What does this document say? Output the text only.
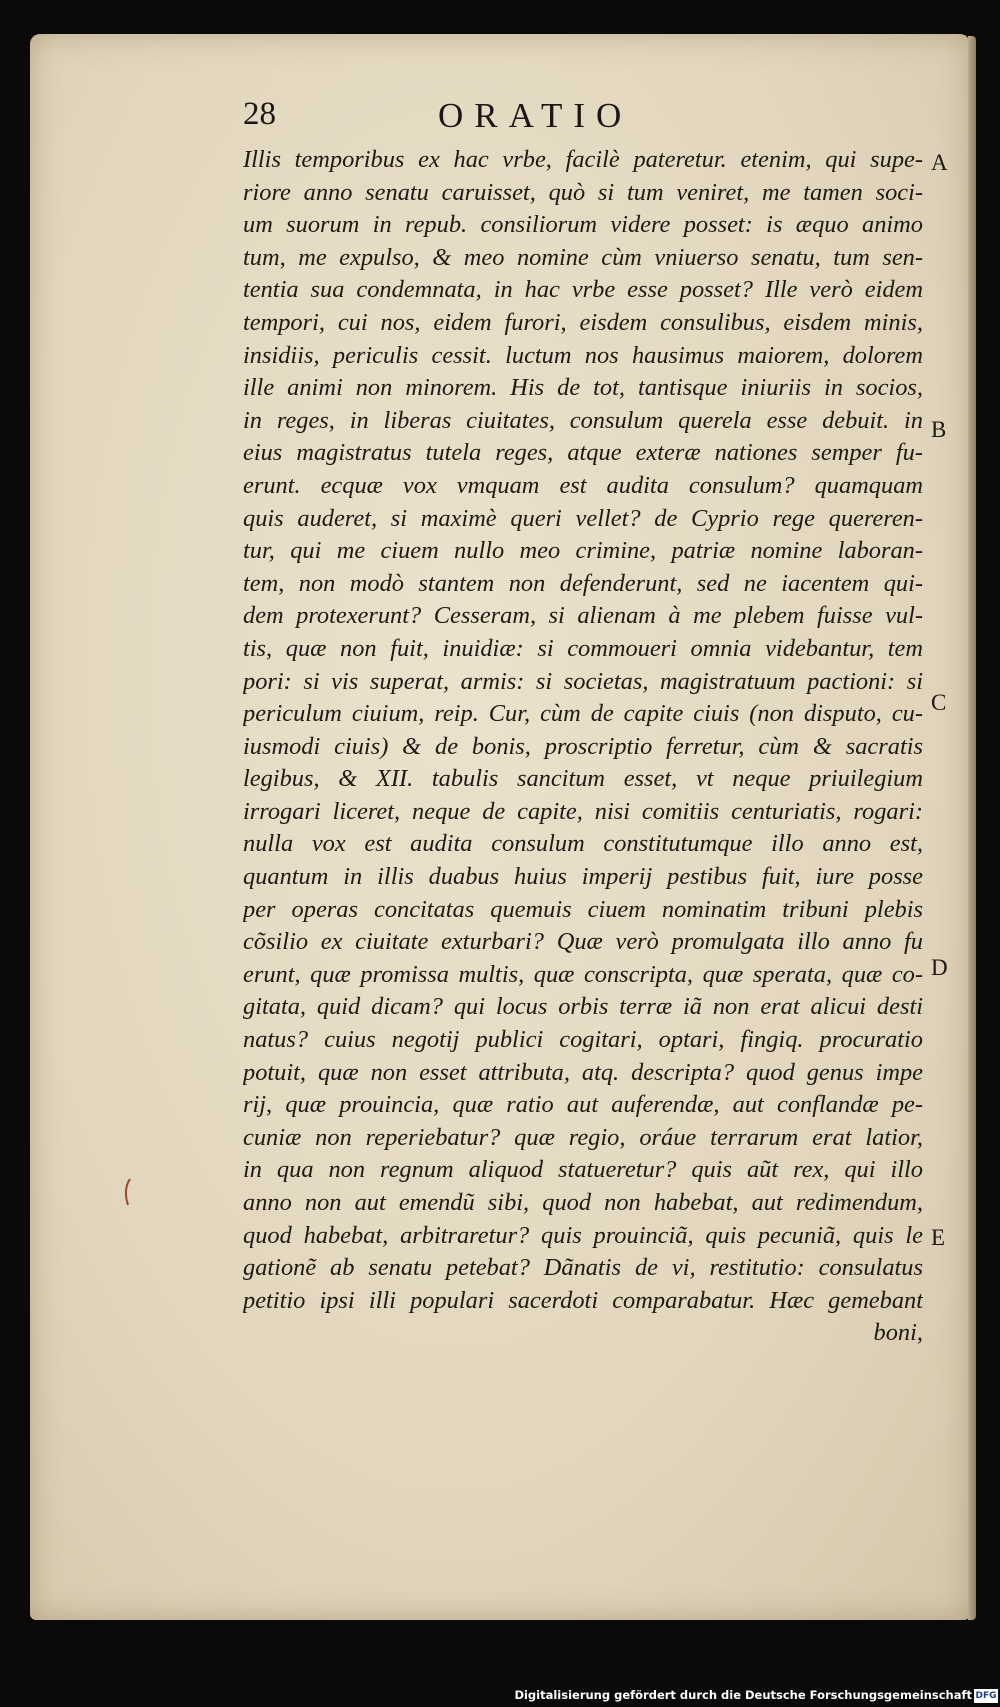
28	ORATIO
Illis temporibus ex hac vrbe, facilè pateretur. etenim, qui supe-
riore anno senatu caruisset, quò si tum veniret, me tamen soci-
um suorum in repub. consiliorum videre posset: is æquo animo
tum, me expulso, & meo nomine cùm vniuerso senatu, tum sen-
tentia sua condemnata, in hac vrbe esse posset? Ille verò eidem
tempori, cui nos, eidem furori, eisdem consulibus, eisdem minis,
insidiis, periculis cessit. luctum nos hausimus maiorem, dolorem
ille animi non minorem. His de tot, tantisque iniuriis in socios,
in reges, in liberas ciuitates, consulum querela esse debuit. in
eius magistratus tutela reges, atque exteræ nationes semper fu-
erunt. ecquæ vox vmquam est audita consulum? quamquam
quis auderet, si maximè queri vellet? de Cyprio rege quereren-
tur, qui me ciuem nullo meo crimine, patriæ nomine laboran-
tem, non modò stantem non defenderunt, sed ne iacentem qui-
dem protexerunt? Cesseram, si alienam à me plebem fuisse vul-
tis, quæ non fuit, inuidiæ: si commoueri omnia videbantur, tem
pori: si vis superat, armis: si societas, magistratuum pactioni: si
periculum ciuium, reip. Cur, cùm de capite ciuis (non disputo, cu-
iusmodi ciuis) & de bonis, proscriptio ferretur, cùm & sacratis
legibus, & XII. tabulis sancitum esset, vt neque priuilegium
irrogari liceret, neque de capite, nisi comitiis centuriatis, rogari:
nulla vox est audita consulum constitutumque illo anno est,
quantum in illis duabus huius imperij pestibus fuit, iure posse
per operas concitatas quemuis ciuem nominatim tribuni plebis
cõsilio ex ciuitate exturbari? Quæ verò promulgata illo anno fu
erunt, quæ promissa multis, quæ conscripta, quæ sperata, quæ co-
gitata, quid dicam? qui locus orbis terræ iã non erat alicui desti
natus? cuius negotij publici cogitari, optari, fingiq. procuratio
potuit, quæ non esset attributa, atq. descripta? quod genus impe
rij, quæ prouincia, quæ ratio aut auferendæ, aut conflandæ pe-
cuniæ non reperiebatur? quæ regio, oráue terrarum erat latior,
in qua non regnum aliquod statueretur? quis aũt rex, qui illo
anno non aut emendũ sibi, quod non habebat, aut redimendum,
quod habebat, arbitraretur? quis prouinciã, quis pecuniã, quis le
gationẽ ab senatu petebat? Dãnatis de vi, restitutio: consulatus
petitio ipsi illi populari sacerdoti comparabatur. Hæc gemebant
boni,
A
B
C
D
E
Digitalisierung gefördert durch die Deutsche Forschungsgemeinschaft DFG
